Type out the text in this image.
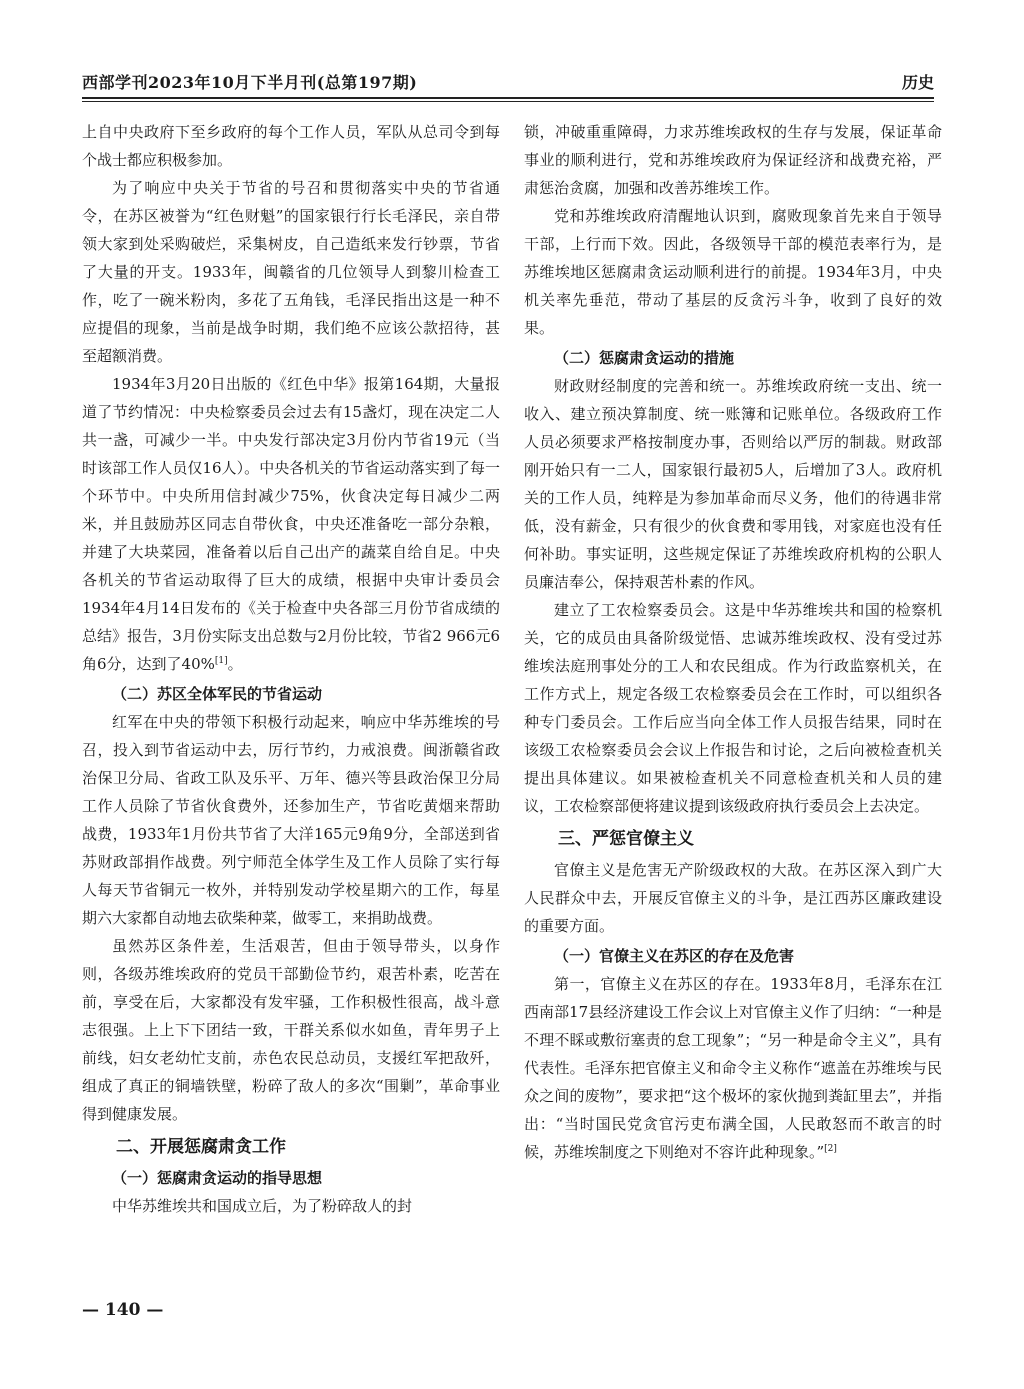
西部学刊2023年10月下半月刊(总第197期)	历史

上自中央政府下至乡政府的每个工作人员，军队从总司令到每个战士都应积极参加。

为了响应中央关于节省的号召和贯彻落实中央的节省通令，在苏区被誉为“红色财魁”的国家银行行长毛泽民，亲自带领大家到处采购破烂，采集树皮，自己造纸来发行钞票，节省了大量的开支。1933年，闽赣省的几位领导人到黎川检查工作，吃了一碗米粉肉，多花了五角钱，毛泽民指出这是一种不应提倡的现象，当前是战争时期，我们绝不应该公款招待，甚至超额消费。

1934年3月20日出版的《红色中华》报第164期，大量报道了节约情况：中央检察委员会过去有15盏灯，现在决定二人共一盏，可减少一半。中央发行部决定3月份内节省19元（当时该部工作人员仅16人）。中央各机关的节省运动落实到了每一个环节中。中央所用信封减少75%，伙食决定每日减少二两米，并且鼓励苏区同志自带伙食，中央还准备吃一部分杂粮，并建了大块菜园，准备着以后自己出产的蔬菜自给自足。中央各机关的节省运动取得了巨大的成绩，根据中央审计委员会1934年4月14日发布的《关于检查中央各部三月份节省成绩的总结》报告，3月份实际支出总数与2月份比较，节省2 966元6角6分，达到了40%[1]。

（二）苏区全体军民的节省运动

红军在中央的带领下积极行动起来，响应中华苏维埃的号召，投入到节省运动中去，厉行节约，力戒浪费。闽浙赣省政治保卫分局、省政工队及乐平、万年、德兴等县政治保卫分局工作人员除了节省伙食费外，还参加生产，节省吃黄烟来帮助战费，1933年1月份共节省了大洋165元9角9分，全部送到省苏财政部捐作战费。列宁师范全体学生及工作人员除了实行每人每天节省铜元一枚外，并特别发动学校星期六的工作，每星期六大家都自动地去砍柴种菜，做零工，来捐助战费。

虽然苏区条件差，生活艰苦，但由于领导带头，以身作则，各级苏维埃政府的党员干部勤俭节约，艰苦朴素，吃苦在前，享受在后，大家都没有发牢骚，工作积极性很高，战斗意志很强。上上下下团结一致，干群关系似水如鱼，青年男子上前线，妇女老幼忙支前，赤色农民总动员，支援红军把敌歼，组成了真正的铜墙铁壁，粉碎了敌人的多次“围剿”，革命事业得到健康发展。

二、开展惩腐肃贪工作
（一）惩腐肃贪运动的指导思想

中华苏维埃共和国成立后，为了粉碎敌人的封

锁，冲破重重障碍，力求苏维埃政权的生存与发展，保证革命事业的顺利进行，党和苏维埃政府为保证经济和战费充裕，严肃惩治贪腐，加强和改善苏维埃工作。

党和苏维埃政府清醒地认识到，腐败现象首先来自于领导干部，上行而下效。因此，各级领导干部的模范表率行为，是苏维埃地区惩腐肃贪运动顺利进行的前提。1934年3月，中央机关率先垂范，带动了基层的反贪污斗争，收到了良好的效果。

（二）惩腐肃贪运动的措施

财政财经制度的完善和统一。苏维埃政府统一支出、统一收入、建立预决算制度、统一账簿和记账单位。各级政府工作人员必须要求严格按制度办事，否则给以严厉的制裁。财政部刚开始只有一二人，国家银行最初5人，后增加了3人。政府机关的工作人员，纯粹是为参加革命而尽义务，他们的待遇非常低，没有薪金，只有很少的伙食费和零用钱，对家庭也没有任何补助。事实证明，这些规定保证了苏维埃政府机构的公职人员廉洁奉公，保持艰苦朴素的作风。

建立了工农检察委员会。这是中华苏维埃共和国的检察机关，它的成员由具备阶级觉悟、忠诚苏维埃政权、没有受过苏维埃法庭刑事处分的工人和农民组成。作为行政监察机关，在工作方式上，规定各级工农检察委员会在工作时，可以组织各种专门委员会。工作后应当向全体工作人员报告结果，同时在该级工农检察委员会会议上作报告和讨论，之后向被检查机关提出具体建议。如果被检查机关不同意检查机关和人员的建议，工农检察部便将建议提到该级政府执行委员会上去决定。

三、严惩官僚主义

官僚主义是危害无产阶级政权的大敌。在苏区深入到广大人民群众中去，开展反官僚主义的斗争，是江西苏区廉政建设的重要方面。

（一）官僚主义在苏区的存在及危害

第一，官僚主义在苏区的存在。1933年8月，毛泽东在江西南部17县经济建设工作会议上对官僚主义作了归纳：“一种是不理不睬或敷衍塞责的怠工现象”；“另一种是命令主义”，具有代表性。毛泽东把官僚主义和命令主义称作“遮盖在苏维埃与民众之间的废物”，要求把“这个极坏的家伙抛到粪缸里去”，并指出：“当时国民党贪官污吏布满全国，人民敢怒而不敢言的时候，苏维埃制度之下则绝对不容许此种现象。”[2]

— 140 —
